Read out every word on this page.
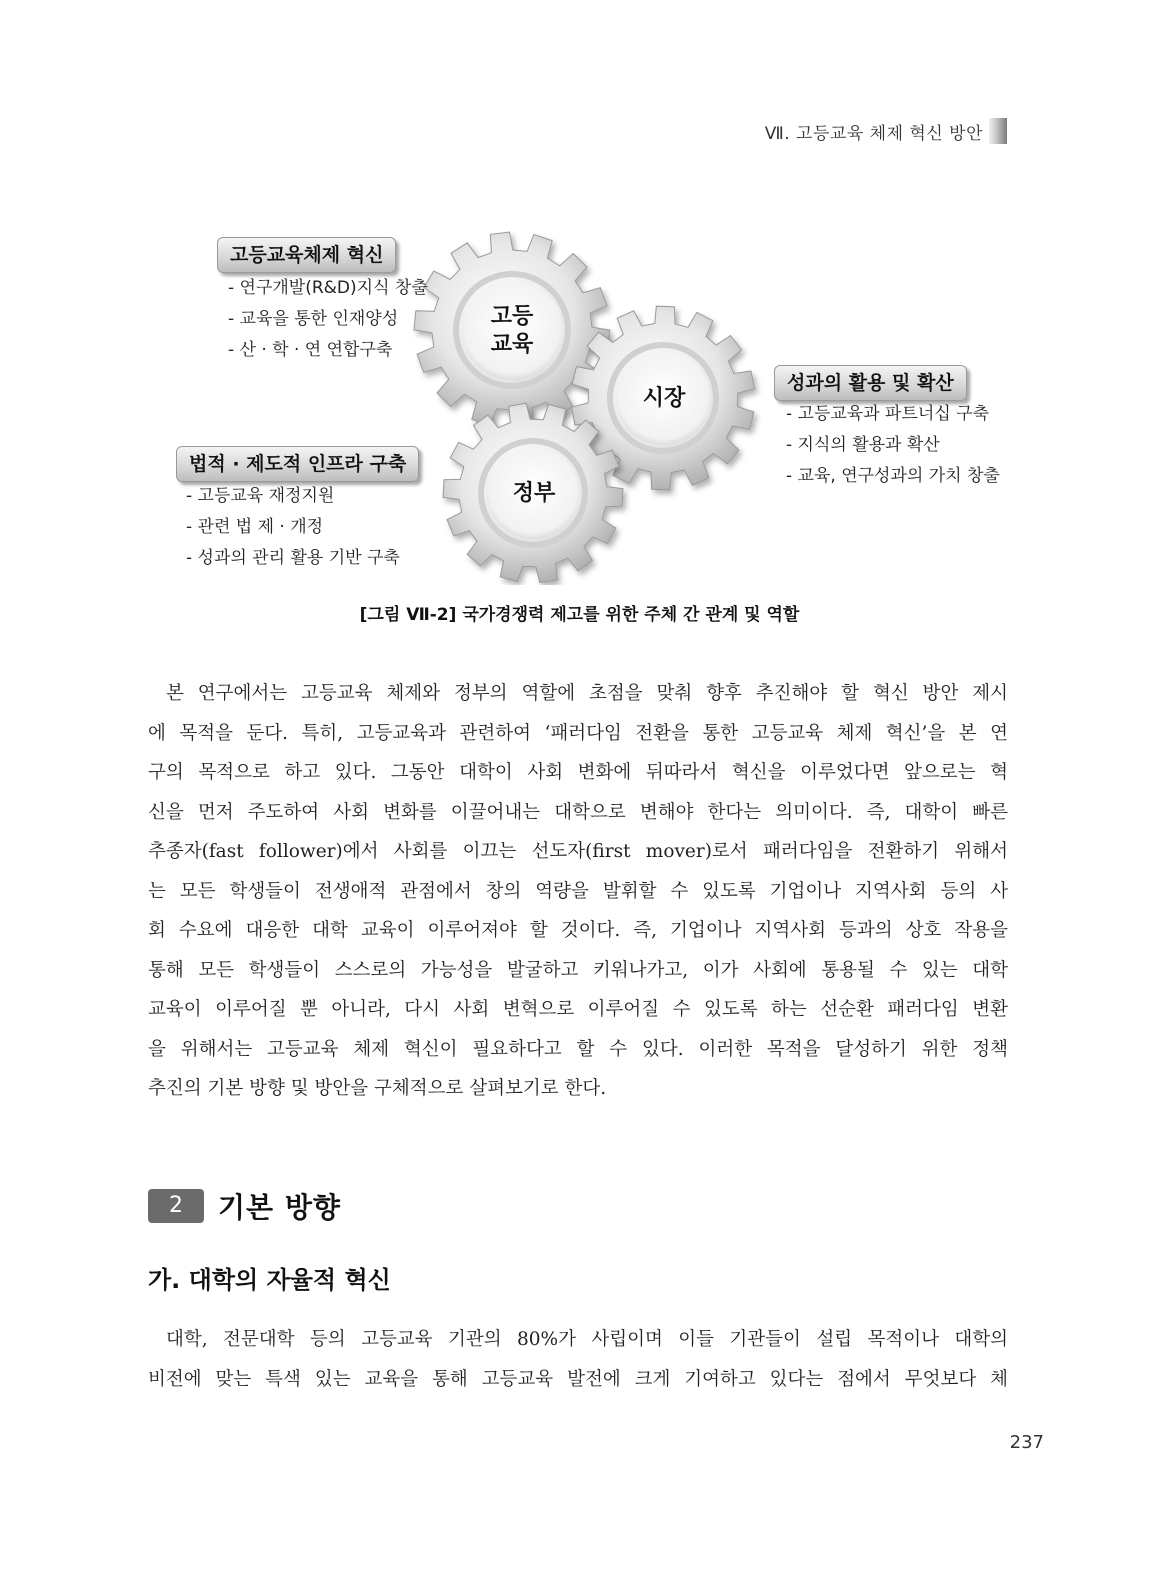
Ⅶ. 고등교육 체제 혁신 방안
고등교육체제 혁신
- 연구개발(R&D)지식 창출
- 교육을 통한 인재양성
- 산 · 학 · 연 연합구축
법적 · 제도적 인프라 구축
- 고등교육 재정지원
- 관련 법 제 · 개정
- 성과의 관리 활용 기반 구축
성과의 활용 및 확산
- 고등교육과 파트너십 구축
- 지식의 활용과 확산
- 교육, 연구성과의 가치 창출
고등
교육
시장
정부
[그림 Ⅶ-2] 국가경쟁력 제고를 위한 주체 간 관계 및 역할
본 연구에서는 고등교육 체제와 정부의 역할에 초점을 맞춰 향후 추진해야 할 혁신 방안 제시
에 목적을 둔다. 특히, 고등교육과 관련하여 ‘패러다임 전환을 통한 고등교육 체제 혁신’을 본 연
구의 목적으로 하고 있다. 그동안 대학이 사회 변화에 뒤따라서 혁신을 이루었다면 앞으로는 혁
신을 먼저 주도하여 사회 변화를 이끌어내는 대학으로 변해야 한다는 의미이다. 즉, 대학이 빠른
추종자(fast follower)에서 사회를 이끄는 선도자(first mover)로서 패러다임을 전환하기 위해서
는 모든 학생들이 전생애적 관점에서 창의 역량을 발휘할 수 있도록 기업이나 지역사회 등의 사
회 수요에 대응한 대학 교육이 이루어져야 할 것이다. 즉, 기업이나 지역사회 등과의 상호 작용을
통해 모든 학생들이 스스로의 가능성을 발굴하고 키워나가고, 이가 사회에 통용될 수 있는 대학
교육이 이루어질 뿐 아니라, 다시 사회 변혁으로 이루어질 수 있도록 하는 선순환 패러다임 변환
을 위해서는 고등교육 체제 혁신이 필요하다고 할 수 있다. 이러한 목적을 달성하기 위한 정책
추진의 기본 방향 및 방안을 구체적으로 살펴보기로 한다.
2	기본 방향
가. 대학의 자율적 혁신
대학, 전문대학 등의 고등교육 기관의 80%가 사립이며 이들 기관들이 설립 목적이나 대학의
비전에 맞는 특색 있는 교육을 통해 고등교육 발전에 크게 기여하고 있다는 점에서 무엇보다 체
237
